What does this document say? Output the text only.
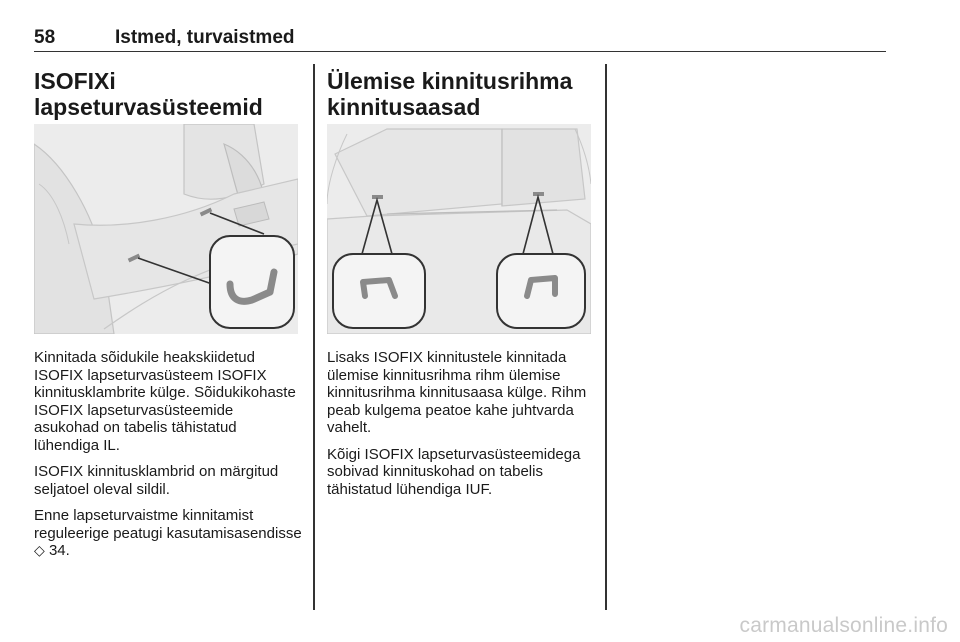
58	Istmed, turvaistmed
ISOFIXi
lapseturvasüsteemid

Kinnitada sõidukile heakskiidetud ISOFIX lapseturvasüsteem ISOFIX kinnitusklambrite külge. Sõidukikohaste ISOFIX lapseturvasüsteemide asukohad on tabelis tähistatud lühendiga IL.

ISOFIX kinnitusklambrid on märgitud seljatoel oleval sildil.

Enne lapseturvaistme kinnitamist reguleerige peatugi kasutamisasendisse ◇ 34.

Ülemise kinnitusrihma
kinnitusaasad

Lisaks ISOFIX kinnitustele kinnitada ülemise kinnitusrihma rihm ülemise kinnitusrihma kinnitusaasa külge. Rihm peab kulgema peatoe kahe juhtvarda vahelt.

Kõigi ISOFIX lapseturvasüsteemidega sobivad kinnituskohad on tabelis tähistatud lühendiga IUF.

carmanualsonline.info
